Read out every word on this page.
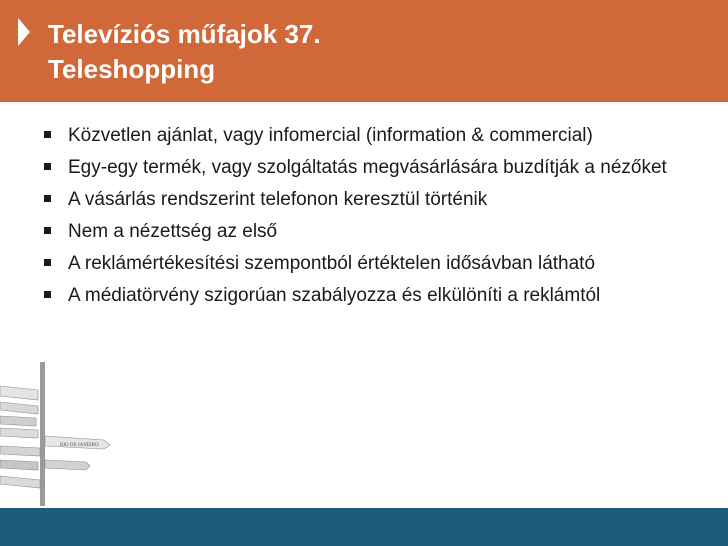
Televíziós műfajok 37.
Teleshopping
Közvetlen ajánlat, vagy infomercial (information & commercial)
Egy-egy termék, vagy szolgáltatás megvásárlására buzdítják a nézőket
A vásárlás rendszerint telefonon keresztül történik
Nem a nézettség az első
A reklámértékesítési szempontból értéktelen idősávban látható
A médiatörvény szigorúan szabályozza és elkülöníti a reklámtól
RIO DE JANEIRO
